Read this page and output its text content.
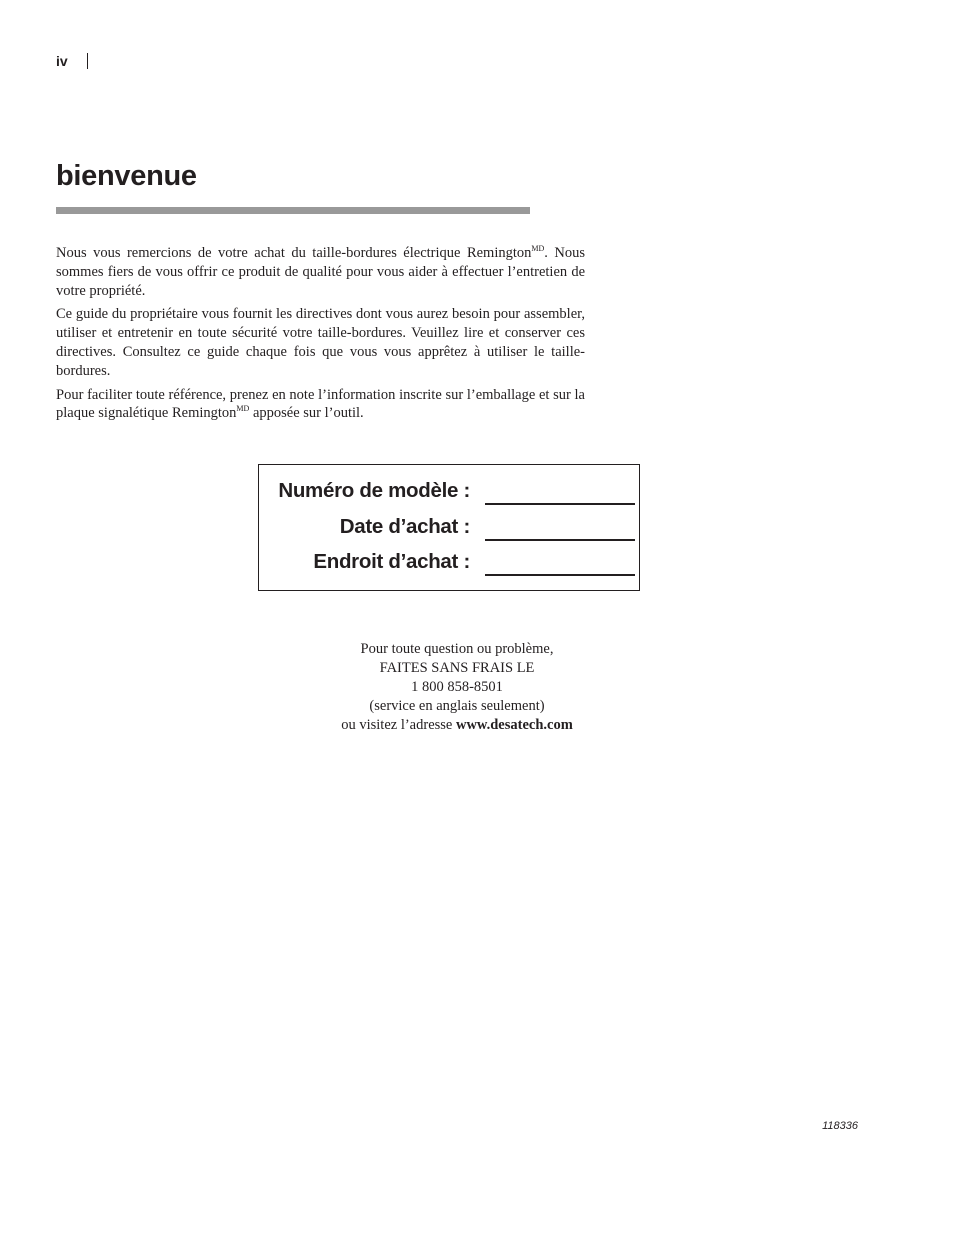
iv
bienvenue

Nous vous remercions de votre achat du taille-bordures électrique Remington$^{MD}$. Nous sommes fiers de vous offrir ce produit de qualité pour vous aider à effectuer l’entretien de votre propriété.

Ce guide du propriétaire vous fournit les directives dont vous aurez besoin pour assembler, utiliser et entretenir en toute sécurité votre taille-bordures. Veuillez lire et conserver ces directives. Consultez ce guide chaque fois que vous vous apprêtez à utiliser le taille-bordures.

Pour faciliter toute référence, prenez en note l’information inscrite sur l’emballage et sur la plaque signalétique Remington$^{MD}$ apposée sur l’outil.

Numéro de modèle :
Date d’achat :
Endroit d’achat :
Pour toute question ou problème,
FAITES SANS FRAIS LE
1 800 858-8501
(service en anglais seulement)
ou visitez l’adresse www.desatech.com
118336
